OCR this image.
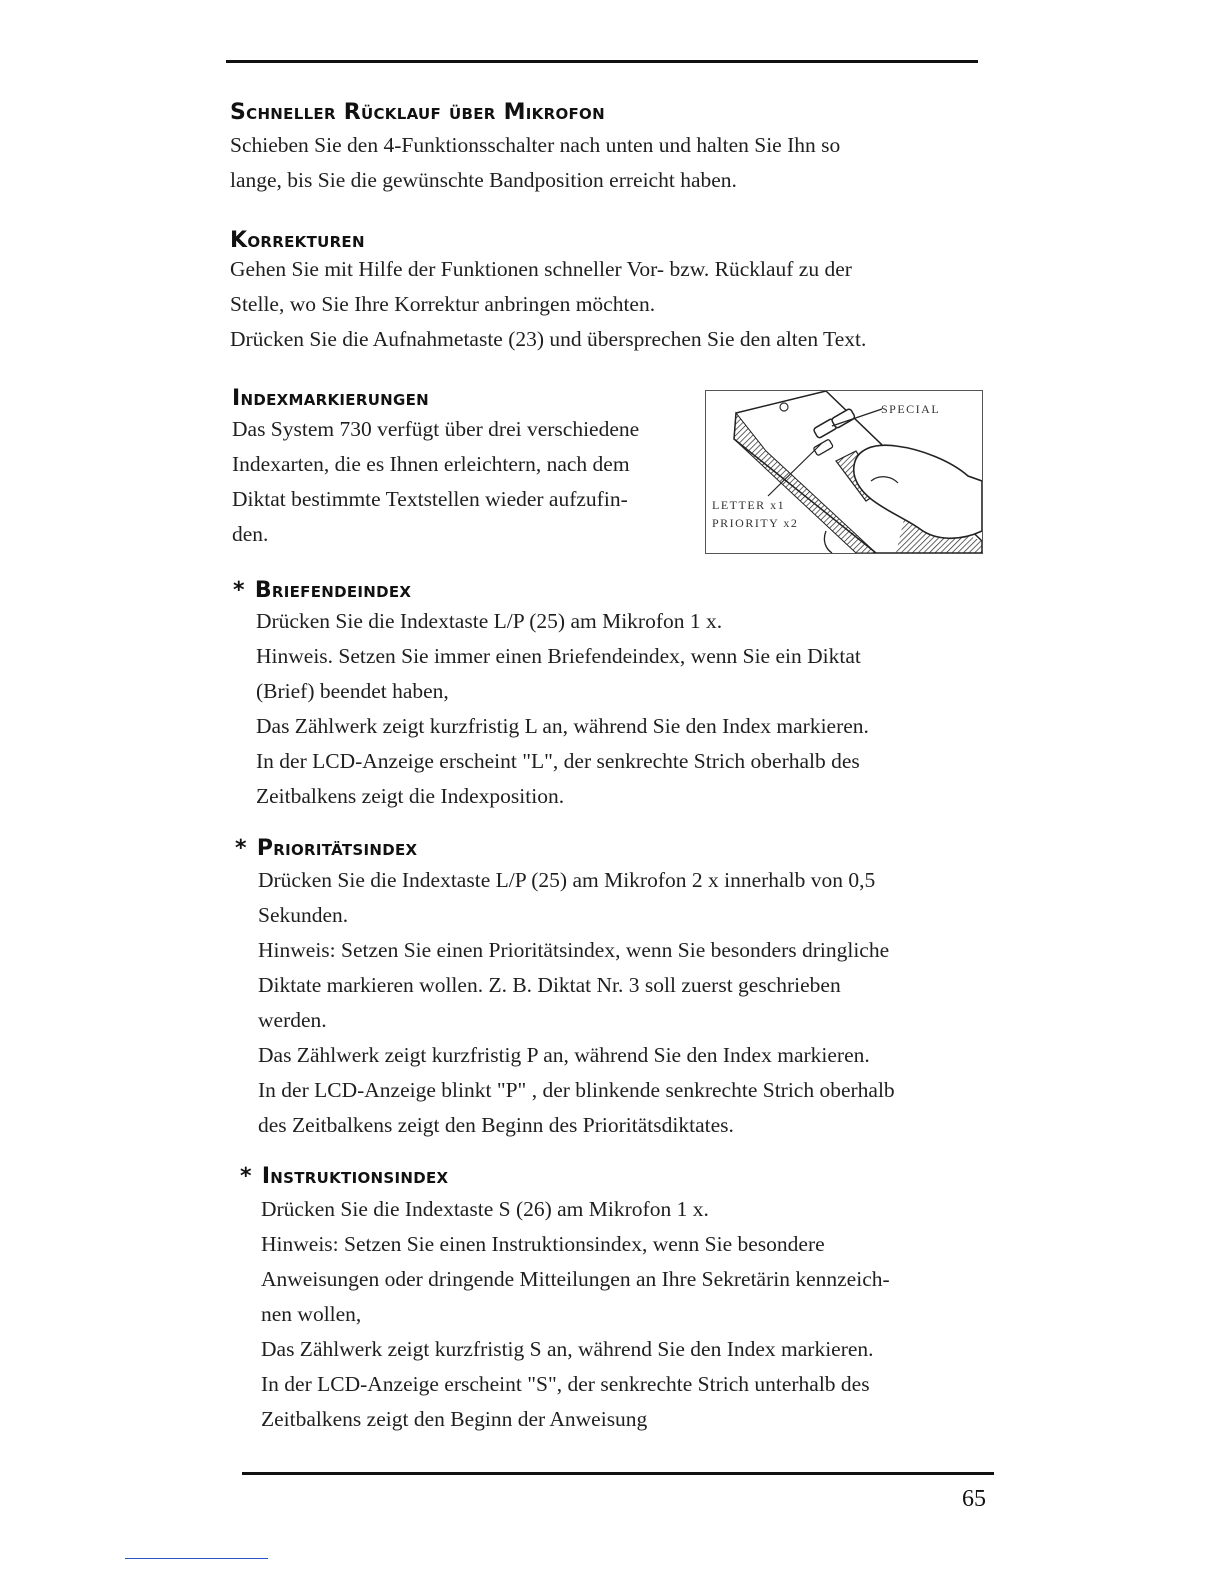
Schneller Rücklauf über Mikrofon

Schieben Sie den 4-Funktionsschalter nach unten und halten Sie Ihn so

lange, bis Sie die gewünschte Bandposition erreicht haben.

Korrekturen

Gehen Sie mit Hilfe der Funktionen schneller Vor- bzw. Rücklauf zu der

Stelle, wo Sie Ihre Korrektur anbringen möchten.

Drücken Sie die Aufnahmetaste (23) und übersprechen Sie den alten Text.

Indexmarkierungen

Das System 730 verfügt über drei verschiedene

Indexarten, die es Ihnen erleichtern, nach dem

Diktat bestimmte Textstellen wieder aufzufin-

den.

SPECIAL
LETTER x1
PRIORITY x2
* Briefendeindex

Drücken Sie die Indextaste L/P (25) am Mikrofon 1 x.

Hinweis. Setzen Sie immer einen Briefendeindex, wenn Sie ein Diktat

(Brief) beendet haben,

Das Zählwerk zeigt kurzfristig L an, während Sie den Index markieren.

In der LCD-Anzeige erscheint "L", der senkrechte Strich oberhalb des

Zeitbalkens zeigt die Indexposition.

* Prioritätsindex

Drücken Sie die Indextaste L/P (25) am Mikrofon 2 x innerhalb von 0,5

Sekunden.

Hinweis: Setzen Sie einen Prioritätsindex, wenn Sie besonders dringliche

Diktate markieren wollen. Z. B. Diktat Nr. 3 soll zuerst geschrieben

werden.

Das Zählwerk zeigt kurzfristig P an, während Sie den Index markieren.

In der LCD-Anzeige blinkt "P" , der blinkende senkrechte Strich oberhalb

des Zeitbalkens zeigt den Beginn des Prioritätsdiktates.

* Instruktionsindex

Drücken Sie die Indextaste S (26) am Mikrofon 1 x.

Hinweis: Setzen Sie einen Instruktionsindex, wenn Sie besondere

Anweisungen oder dringende Mitteilungen an Ihre Sekretärin kennzeich-

nen wollen,

Das Zählwerk zeigt kurzfristig S an, während Sie den Index markieren.

In der LCD-Anzeige erscheint "S", der senkrechte Strich unterhalb des

Zeitbalkens zeigt den Beginn der Anweisung

65
